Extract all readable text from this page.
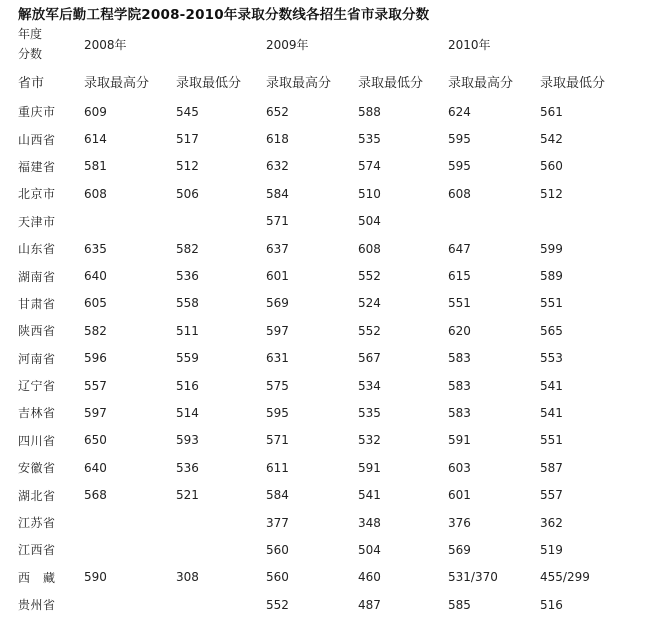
解放军后勤工程学院2008-2010年录取分数线各招生省市录取分数
年度
分数	2008年		2009年		2010年	
省市	录取最高分	录取最低分	录取最高分	录取最低分	录取最高分	录取最低分
重庆市	609	545	652	588	624	561
山西省	614	517	618	535	595	542
福建省	581	512	632	574	595	560
北京市	608	506	584	510	608	512
天津市			571	504		
山东省	635	582	637	608	647	599
湖南省	640	536	601	552	615	589
甘肃省	605	558	569	524	551	551
陕西省	582	511	597	552	620	565
河南省	596	559	631	567	583	553
辽宁省	557	516	575	534	583	541
吉林省	597	514	595	535	583	541
四川省	650	593	571	532	591	551
安徽省	640	536	611	591	603	587
湖北省	568	521	584	541	601	557
江苏省			377	348	376	362
江西省			560	504	569	519
西　藏	590	308	560	460	531/370	455/299
贵州省			552	487	585	516
